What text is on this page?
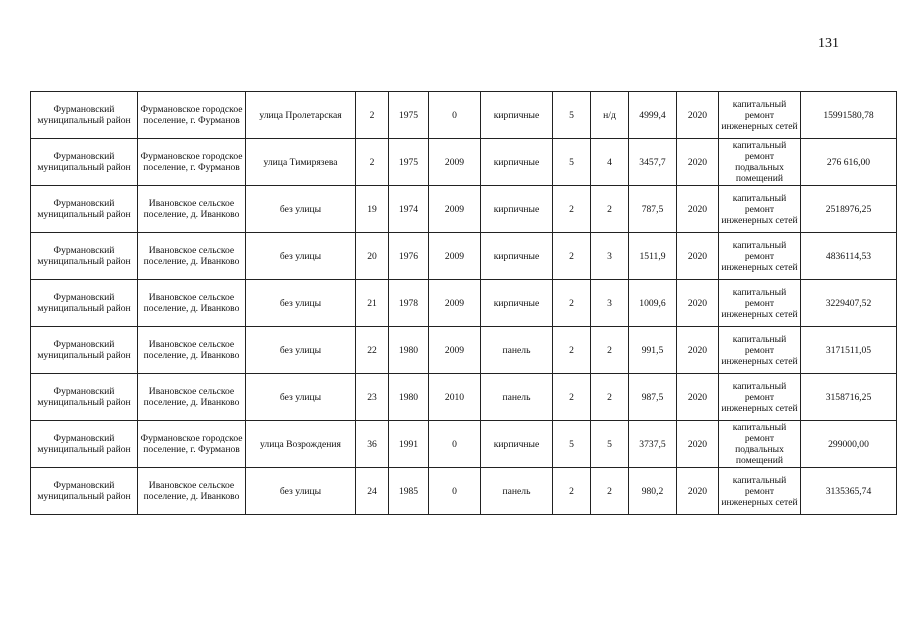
131
Фурмановский муниципальный район	Фурмановское городское поселение, г. Фурманов	улица Пролетарская	2	1975	0	кирпичные	5	н/д	4999,4	2020	капитальный ремонт инженерных сетей	15991580,78
Фурмановский муниципальный район	Фурмановское городское поселение, г. Фурманов	улица Тимирязева	2	1975	2009	кирпичные	5	4	3457,7	2020	капитальный ремонт подвальных помещений	276 616,00
Фурмановский муниципальный район	Ивановское сельское поселение, д. Иванково	без улицы	19	1974	2009	кирпичные	2	2	787,5	2020	капитальный ремонт инженерных сетей	2518976,25
Фурмановский муниципальный район	Ивановское сельское поселение, д. Иванково	без улицы	20	1976	2009	кирпичные	2	3	1511,9	2020	капитальный ремонт инженерных сетей	4836114,53
Фурмановский муниципальный район	Ивановское сельское поселение, д. Иванково	без улицы	21	1978	2009	кирпичные	2	3	1009,6	2020	капитальный ремонт инженерных сетей	3229407,52
Фурмановский муниципальный район	Ивановское сельское поселение, д. Иванково	без улицы	22	1980	2009	панель	2	2	991,5	2020	капитальный ремонт инженерных сетей	3171511,05
Фурмановский муниципальный район	Ивановское сельское поселение, д. Иванково	без улицы	23	1980	2010	панель	2	2	987,5	2020	капитальный ремонт инженерных сетей	3158716,25
Фурмановский муниципальный район	Фурмановское городское поселение, г. Фурманов	улица Возрождения	36	1991	0	кирпичные	5	5	3737,5	2020	капитальный ремонт подвальных помещений	299000,00
Фурмановский муниципальный район	Ивановское сельское поселение, д. Иванково	без улицы	24	1985	0	панель	2	2	980,2	2020	капитальный ремонт инженерных сетей	3135365,74
